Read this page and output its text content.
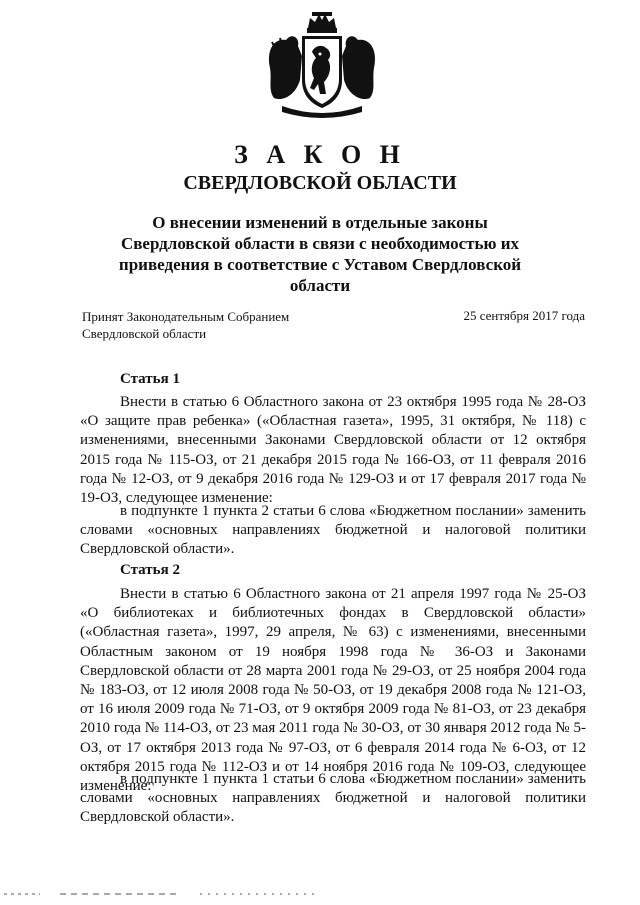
З А К О Н
СВЕРДЛОВСКОЙ ОБЛАСТИ
О внесении изменений в отдельные законы Свердловской области в связи с необходимостью их приведения в соответствие с Уставом Свердловской области
Принят Законодательным Собранием
Свердловской области
25 сентября 2017 года
Статья 1
Внести в статью 6 Областного закона от 23 октября 1995 года № 28-ОЗ «О защите прав ребенка» («Областная газета», 1995, 31 октября, № 118) с изменениями, внесенными Законами Свердловской области от 12 октября 2015 года № 115-ОЗ, от 21 декабря 2015 года № 166-ОЗ, от 11 февраля 2016 года № 12-ОЗ, от 9 декабря 2016 года № 129-ОЗ и от 17 февраля 2017 года № 19-ОЗ, следующее изменение:
в подпункте 1 пункта 2 статьи 6 слова «Бюджетном послании» заменить словами «основных направлениях бюджетной и налоговой политики Свердловской области».
Статья 2
Внести в статью 6 Областного закона от 21 апреля 1997 года № 25-ОЗ «О библиотеках и библиотечных фондах в Свердловской области» («Областная газета», 1997, 29 апреля, № 63) с изменениями, внесенными Областным законом от 19 ноября 1998 года № 36-ОЗ и Законами Свердловской области от 28 марта 2001 года № 29-ОЗ, от 25 ноября 2004 года № 183-ОЗ, от 12 июля 2008 года № 50-ОЗ, от 19 декабря 2008 года № 121-ОЗ, от 16 июля 2009 года № 71-ОЗ, от 9 октября 2009 года № 81-ОЗ, от 23 декабря 2010 года № 114-ОЗ, от 23 мая 2011 года № 30-ОЗ, от 30 января 2012 года № 5-ОЗ, от 17 октября 2013 года № 97-ОЗ, от 6 февраля 2014 года № 6-ОЗ, от 12 октября 2015 года № 112-ОЗ и от 14 ноября 2016 года № 109-ОЗ, следующее изменение:
в подпункте 1 пункта 1 статьи 6 слова «Бюджетном послании» заменить словами «основных направлениях бюджетной и налоговой политики Свердловской области».
